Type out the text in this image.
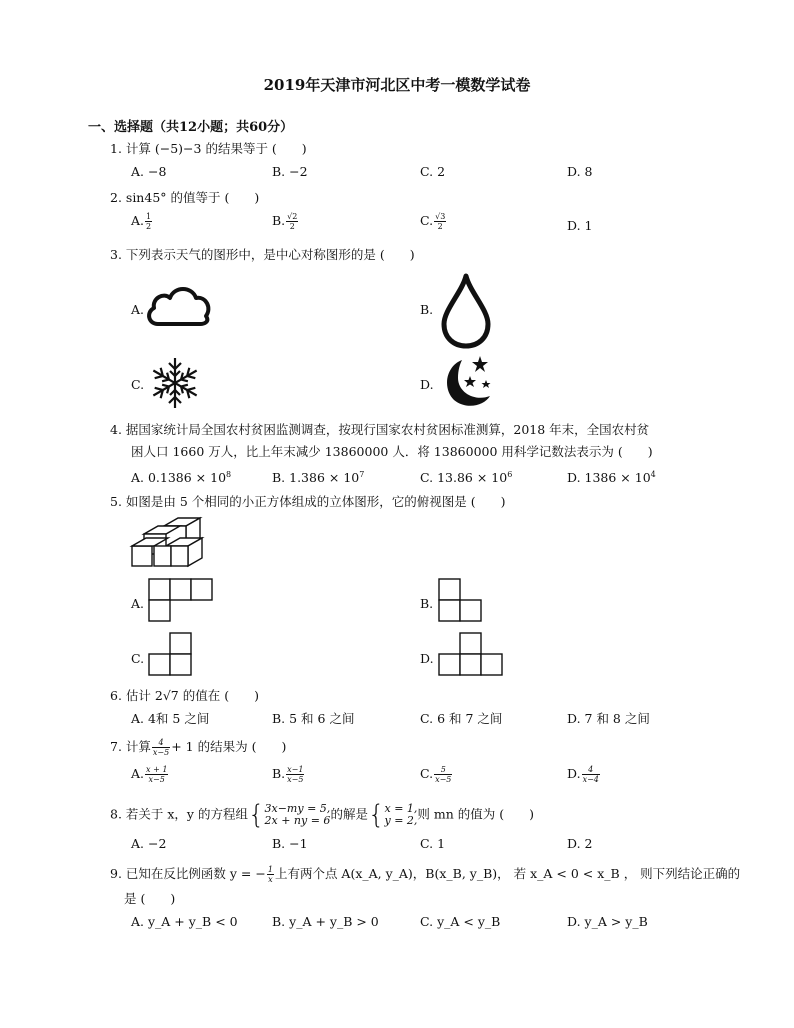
2019年天津市河北区中考一模数学试卷
一、选择题（共12小题；共60分）
1. 计算 (−5)−3 的结果等于 (　　)
A. −8	B. −2	C. 2	D. 8
2. sin45° 的值等于 (　　)
A. $\frac{1}{2}$	B. $\frac{√2}{2}$	C. $\frac{√3}{2}$	D. 1
3. 下列表示天气的图形中，是中心对称图形的是 (　　)
A.	B.
C.	D.
4. 据国家统计局全国农村贫困监测调查，按现行国家农村贫困标准测算，2018 年末，全国农村贫
困人口 1660 万人，比上年末减少 13860000 人．将 13860000 用科学记数法表示为 (　　)
A. $0.1386 \times 10^8$	B. $1.386 \times 10^7$	C. $13.86 \times 10^6$	D. $1386 \times 10^4$
5. 如图是由 5 个相同的小正方体组成的立体图形，它的俯视图是 (　　)
A.	B.
C.	D.
6. 估计 2√7 的值在 (　　)
A. 4和 5 之间	B. 5 和 6 之间	C. 6 和 7 之间	D. 7 和 8 之间
7. 计算 $\frac{4}{x-5} + 1$ 的结果为 (　　)
A. $\frac{x + 1}{x-5}$	B. $\frac{x-1}{x-5}$	C. $\frac{5}{x-5}$	D. $\frac{4}{x-4}$
8. 若关于 x，y 的方程组{3x−my = 5,
2x + ny = 6的解是{x = 1,
y = 2,则 mn 的值为 (　　)
A. −2	B. −1	C. 1	D. 2
9. 已知在反比例函数 y = − $\frac{1}{x}$ 上有两个点 A(x_A, y_A)，B(x_B, y_B)， 若 x_A < 0 < x_B ， 则下列结论正确的
是 (　　)
A. y_A + y_B < 0	B. y_A + y_B > 0	C. y_A < y_B	D. y_A > y_B
